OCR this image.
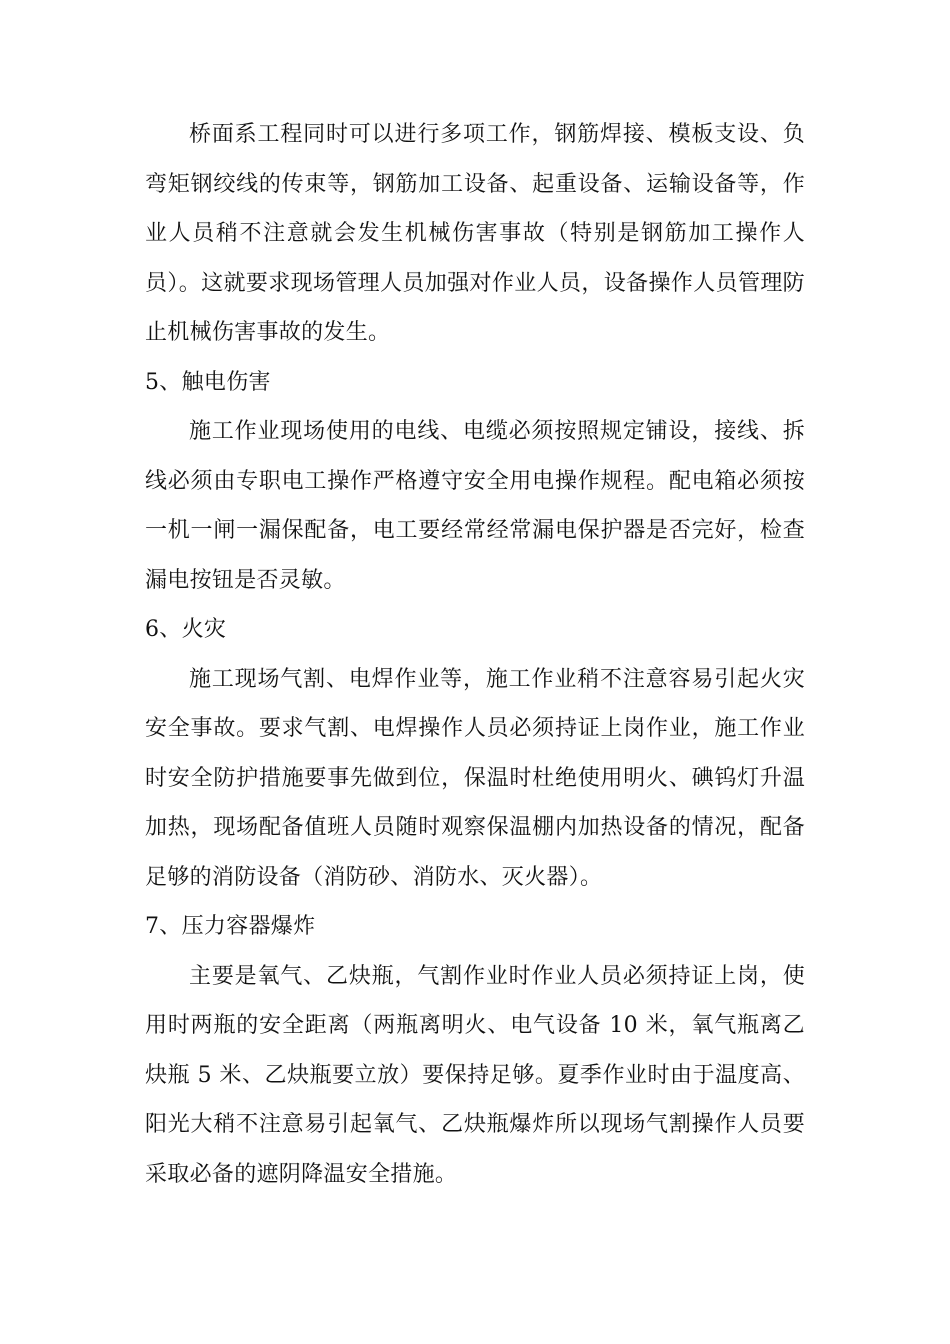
桥面系工程同时可以进行多项工作，钢筋焊接、模板支设、负弯矩钢绞线的传束等，钢筋加工设备、起重设备、运输设备等，作业人员稍不注意就会发生机械伤害事故（特别是钢筋加工操作人员）。这就要求现场管理人员加强对作业人员，设备操作人员管理防止机械伤害事故的发生。

5、触电伤害

施工作业现场使用的电线、电缆必须按照规定铺设，接线、拆线必须由专职电工操作严格遵守安全用电操作规程。配电箱必须按一机一闸一漏保配备，电工要经常经常漏电保护器是否完好，检查漏电按钮是否灵敏。

6、火灾

施工现场气割、电焊作业等，施工作业稍不注意容易引起火灾安全事故。要求气割、电焊操作人员必须持证上岗作业，施工作业时安全防护措施要事先做到位，保温时杜绝使用明火、碘钨灯升温加热，现场配备值班人员随时观察保温棚内加热设备的情况，配备足够的消防设备（消防砂、消防水、灭火器）。

7、压力容器爆炸

主要是氧气、乙炔瓶，气割作业时作业人员必须持证上岗，使用时两瓶的安全距离（两瓶离明火、电气设备 10 米，氧气瓶离乙炔瓶 5 米、乙炔瓶要立放）要保持足够。夏季作业时由于温度高、阳光大稍不注意易引起氧气、乙炔瓶爆炸所以现场气割操作人员要采取必备的遮阴降温安全措施。
